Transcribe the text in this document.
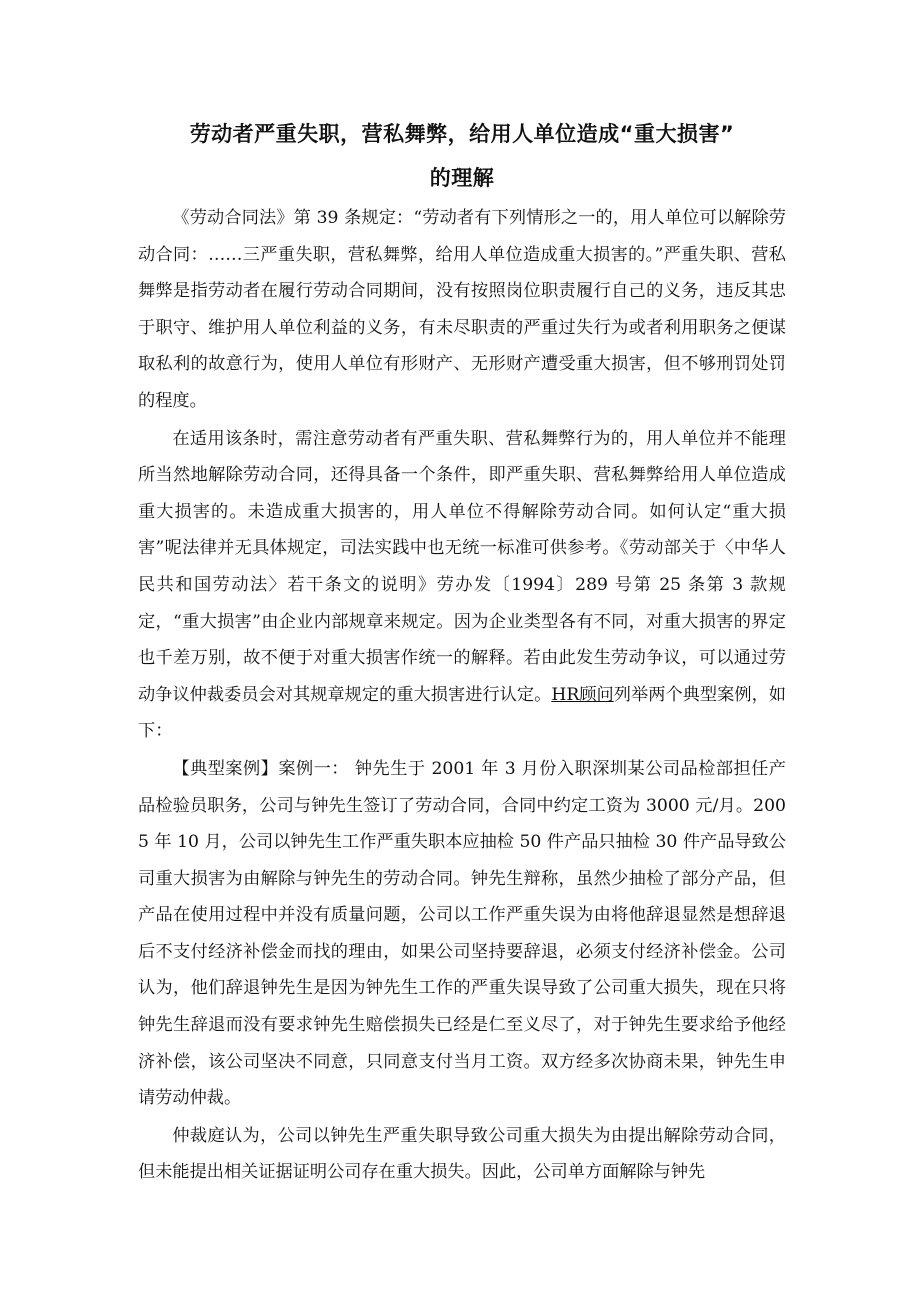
劳动者严重失职，营私舞弊，给用人单位造成“重大损害”
的理解

《劳动合同法》第 39 条规定：“劳动者有下列情形之一的，用人单位可以解除劳动合同：……三严重失职，营私舞弊，给用人单位造成重大损害的。”严重失职、营私舞弊是指劳动者在履行劳动合同期间，没有按照岗位职责履行自己的义务，违反其忠于职守、维护用人单位利益的义务，有未尽职责的严重过失行为或者利用职务之便谋取私利的故意行为，使用人单位有形财产、无形财产遭受重大损害，但不够刑罚处罚的程度。

在适用该条时，需注意劳动者有严重失职、营私舞弊行为的，用人单位并不能理所当然地解除劳动合同，还得具备一个条件，即严重失职、营私舞弊给用人单位造成重大损害的。未造成重大损害的，用人单位不得解除劳动合同。如何认定“重大损害”呢法律并无具体规定，司法实践中也无统一标准可供参考。《劳动部关于〈中华人民共和国劳动法〉若干条文的说明》劳办发〔1994〕289 号第 25 条第 3 款规定，“重大损害”由企业内部规章来规定。因为企业类型各有不同，对重大损害的界定也千差万别，故不便于对重大损害作统一的解释。若由此发生劳动争议，可以通过劳动争议仲裁委员会对其规章规定的重大损害进行认定。HR顾问列举两个典型案例，如下：

【典型案例】案例一： 钟先生于 2001 年 3 月份入职深圳某公司品检部担任产品检验员职务，公司与钟先生签订了劳动合同，合同中约定工资为 3000 元/月。2005 年 10 月，公司以钟先生工作严重失职本应抽检 50 件产品只抽检 30 件产品导致公司重大损害为由解除与钟先生的劳动合同。钟先生辩称，虽然少抽检了部分产品，但产品在使用过程中并没有质量问题，公司以工作严重失误为由将他辞退显然是想辞退后不支付经济补偿金而找的理由，如果公司坚持要辞退，必须支付经济补偿金。公司认为，他们辞退钟先生是因为钟先生工作的严重失误导致了公司重大损失，现在只将钟先生辞退而没有要求钟先生赔偿损失已经是仁至义尽了，对于钟先生要求给予他经济补偿，该公司坚决不同意，只同意支付当月工资。双方经多次协商未果，钟先生申请劳动仲裁。

仲裁庭认为，公司以钟先生严重失职导致公司重大损失为由提出解除劳动合同，但未能提出相关证据证明公司存在重大损失。因此，公司单方面解除与钟先
